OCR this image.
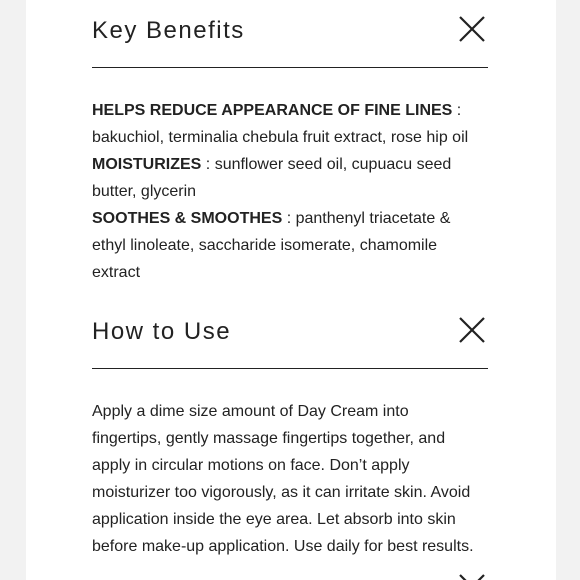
Key Benefits
HELPS REDUCE APPEARANCE OF FINE LINES :
bakuchiol, terminalia chebula fruit extract, rose hip oil
MOISTURIZES : sunflower seed oil, cupuacu seed
butter, glycerin
SOOTHES & SMOOTHES : panthenyl triacetate &
ethyl linoleate, saccharide isomerate, chamomile
extract
How to Use
Apply a dime size amount of Day Cream into
fingertips, gently massage fingertips together, and
apply in circular motions on face. Don’t apply
moisturizer too vigorously, as it can irritate skin. Avoid
application inside the eye area. Let absorb into skin
before make-up application. Use daily for best results.
